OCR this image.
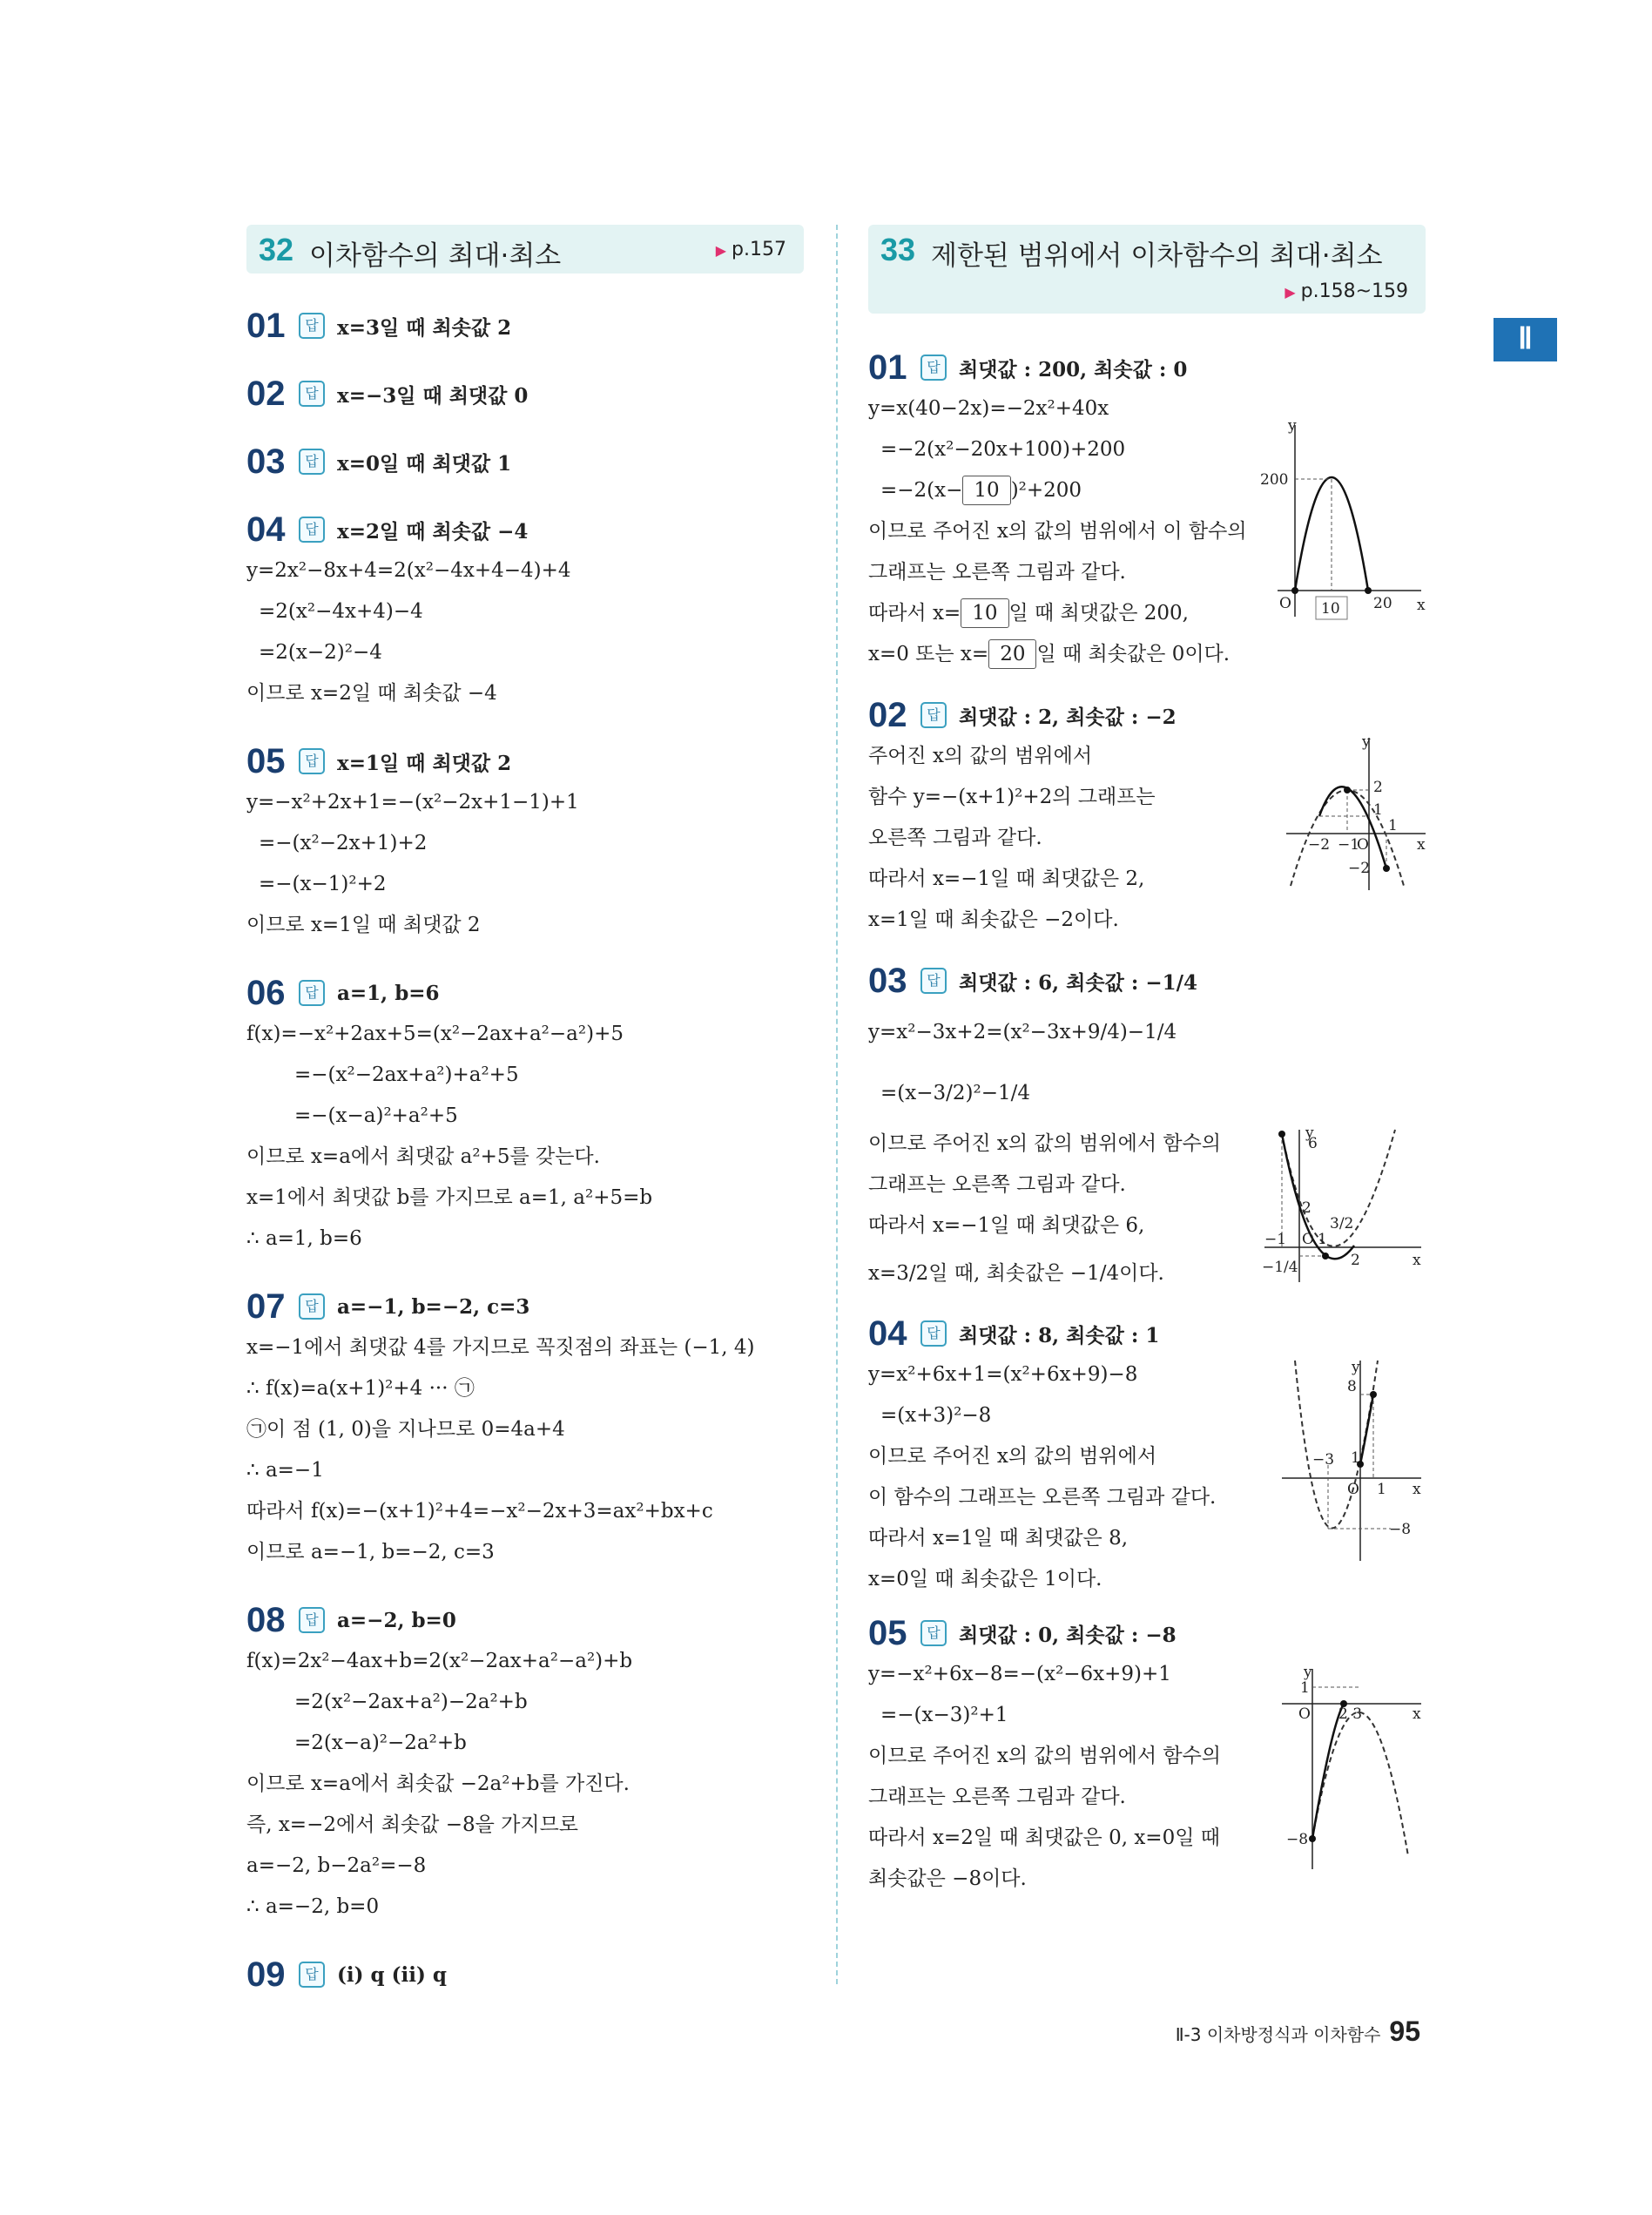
Ⅱ
32 이차함수의 최대·최소	▶ p.157
01	답 x=3일 때 최솟값 2
02	답 x=−3일 때 최댓값 0
03	답 x=0일 때 최댓값 1
04	답 x=2일 때 최솟값 −4
y=2x²−8x+4=2(x²−4x+4−4)+4
=2(x²−4x+4)−4
=2(x−2)²−4
이므로 x=2일 때 최솟값 −4
05	답 x=1일 때 최댓값 2
y=−x²+2x+1=−(x²−2x+1−1)+1
=−(x²−2x+1)+2
=−(x−1)²+2
이므로 x=1일 때 최댓값 2
06	답 a=1, b=6
f(x)=−x²+2ax+5=(x²−2ax+a²−a²)+5
=−(x²−2ax+a²)+a²+5
=−(x−a)²+a²+5
이므로 x=a에서 최댓값 a²+5를 갖는다.
x=1에서 최댓값 b를 가지므로 a=1, a²+5=b
∴ a=1, b=6
07	답 a=−1, b=−2, c=3
x=−1에서 최댓값 4를 가지므로 꼭짓점의 좌표는 (−1, 4)
∴ f(x)=a(x+1)²+4 ··· ㉠
㉠이 점 (1, 0)을 지나므로 0=4a+4
∴ a=−1
따라서 f(x)=−(x+1)²+4=−x²−2x+3=ax²+bx+c
이므로 a=−1, b=−2, c=3
08	답 a=−2, b=0
f(x)=2x²−4ax+b=2(x²−2ax+a²−a²)+b
=2(x²−2ax+a²)−2a²+b
=2(x−a)²−2a²+b
이므로 x=a에서 최솟값 −2a²+b를 가진다.
즉, x=−2에서 최솟값 −8을 가지므로
a=−2, b−2a²=−8
∴ a=−2, b=0
09	답 (i) q (ii) q
33 제한된 범위에서 이차함수의 최대·최소
▶ p.158~159
01	답 최댓값 : 200, 최솟값 : 0
y=x(40−2x)=−2x²+40x
=−2(x²−20x+100)+200
=−2(x− 10 )²+200
이므로 주어진 x의 값의 범위에서 이 함수의
그래프는 오른쪽 그림과 같다.
따라서 x= 10 일 때 최댓값은 200,
x=0 또는 x= 20 일 때 최솟값은 0이다.
y
x
O
200
10 20
02	답 최댓값 : 2, 최솟값 : −2
주어진 x의 값의 범위에서
함수 y=−(x+1)²+2의 그래프는
오른쪽 그림과 같다.
따라서 x=−1일 때 최댓값은 2,
x=1일 때 최솟값은 −2이다.
y
x
2
1
1
−2 −1
O
−2
03	답 최댓값 : 6, 최솟값 : −1/4
y=x²−3x+2=(x²−3x+9/4)−1/4
=(x−3/2)²−1/4
이므로 주어진 x의 값의 범위에서 함수의
그래프는 오른쪽 그림과 같다.
따라서 x=−1일 때 최댓값은 6,
x=3/2일 때, 최솟값은 −1/4이다.
y
x
6
2
−1 O 1
3/2
2
−1/4
04	답 최댓값 : 8, 최솟값 : 1
y=x²+6x+1=(x²+6x+9)−8
=(x+3)²−8
이므로 주어진 x의 값의 범위에서
이 함수의 그래프는 오른쪽 그림과 같다.
따라서 x=1일 때 최댓값은 8,
x=0일 때 최솟값은 1이다.
y
x
8
−3 1
O 1
−8
05	답 최댓값 : 0, 최솟값 : −8
y=−x²+6x−8=−(x²−6x+9)+1
=−(x−3)²+1
이므로 주어진 x의 값의 범위에서 함수의
그래프는 오른쪽 그림과 같다.
따라서 x=2일 때 최댓값은 0, x=0일 때
최솟값은 −8이다.
y
x
1
O 2 3
−8
Ⅱ-3 이차방정식과 이차함수 95
